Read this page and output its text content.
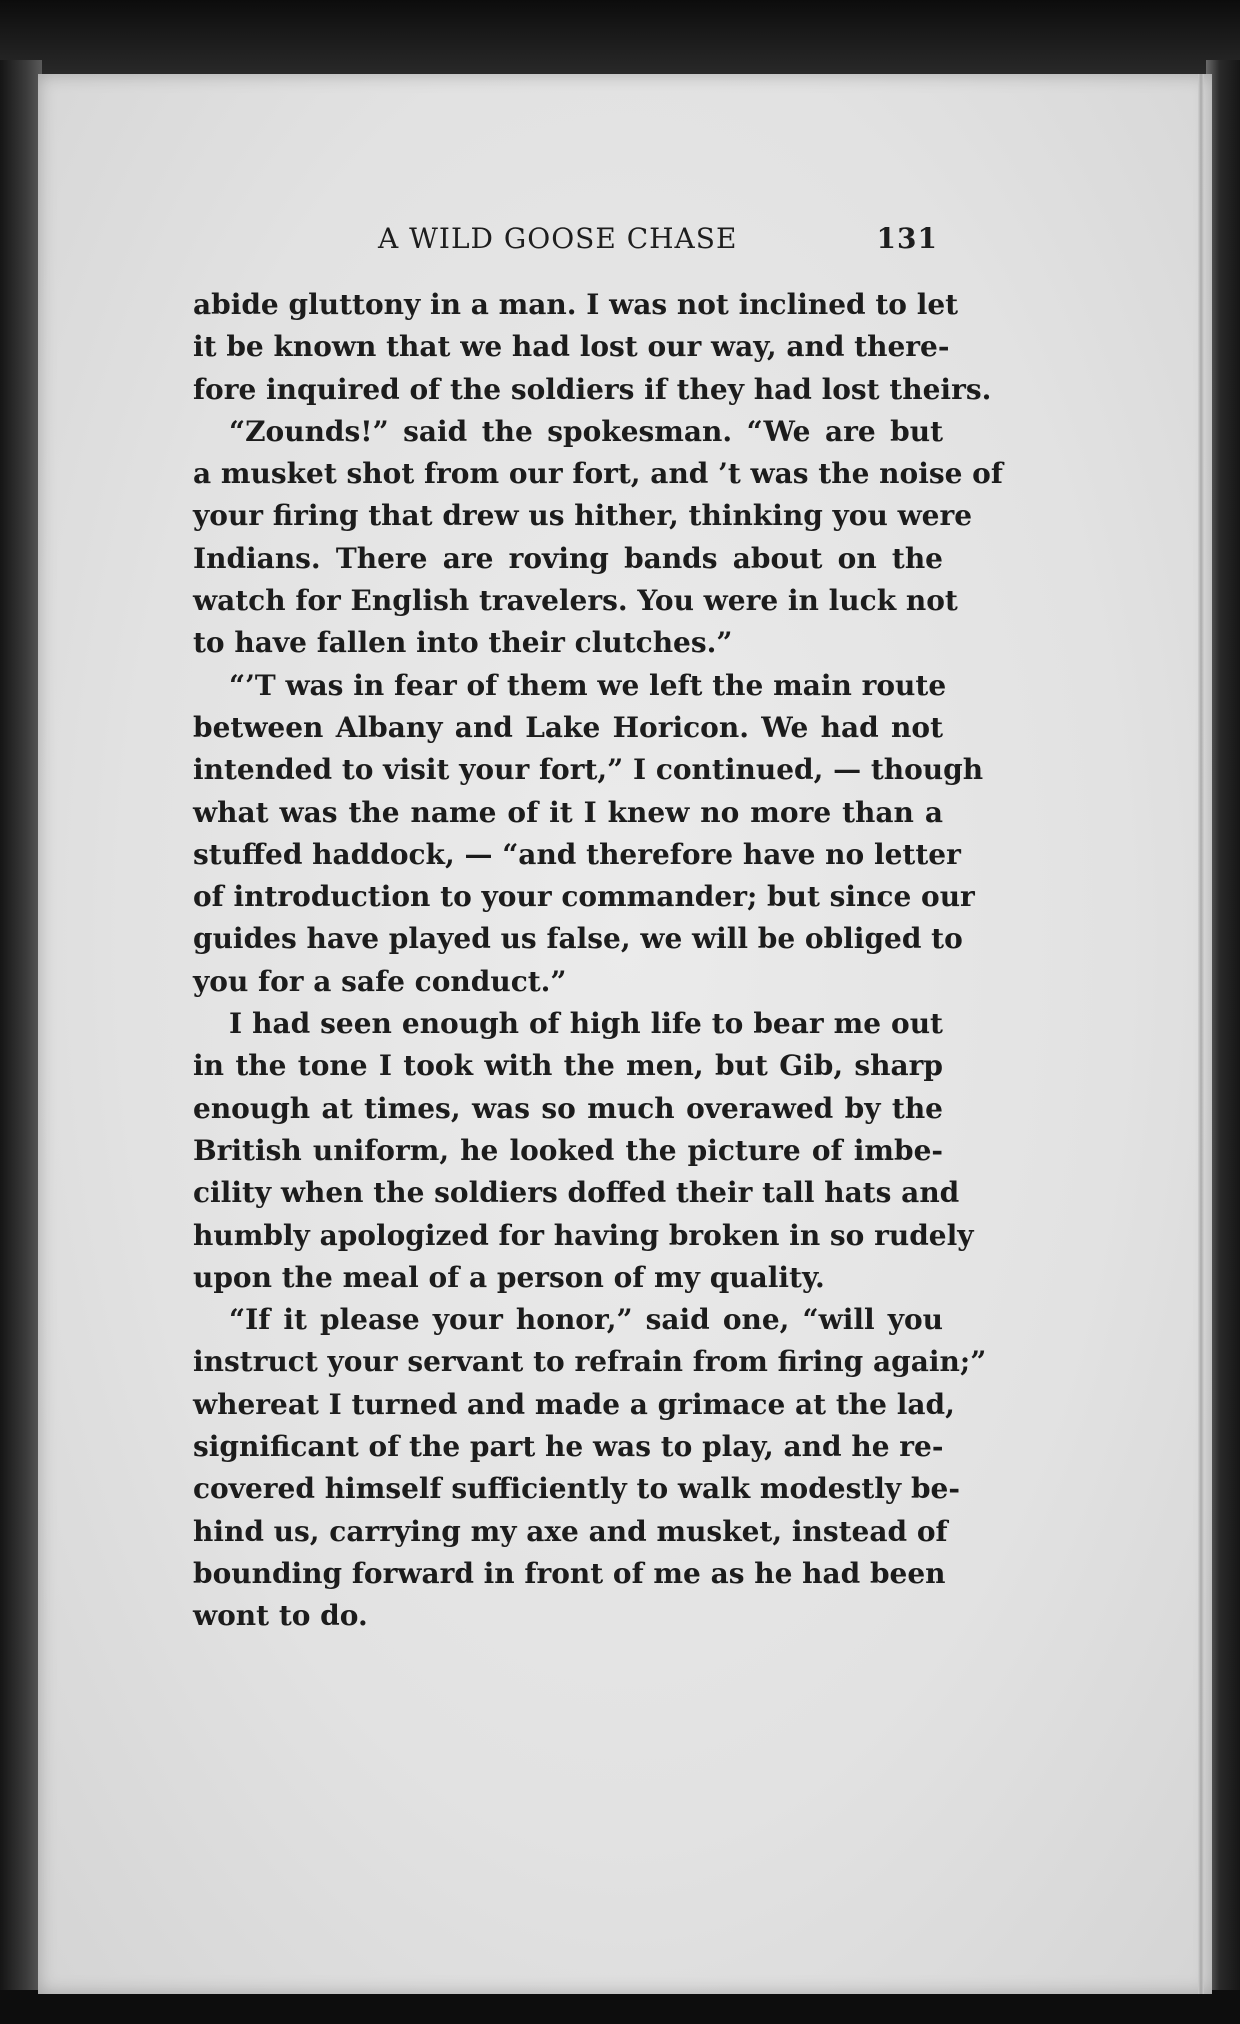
A WILD GOOSE CHASE	131
abide gluttony in a man. I was not inclined to let
it be known that we had lost our way, and there-
fore inquired of the soldiers if they had lost theirs.
“Zounds!” said the spokesman. “We are but
a musket shot from our fort, and ’t was the noise of
your firing that drew us hither, thinking you were
Indians. There are roving bands about on the
watch for English travelers. You were in luck not
to have fallen into their clutches.”
“’T was in fear of them we left the main route
between Albany and Lake Horicon. We had not
intended to visit your fort,” I continued, — though
what was the name of it I knew no more than a
stuffed haddock, — “and therefore have no letter
of introduction to your commander; but since our
guides have played us false, we will be obliged to
you for a safe conduct.”
I had seen enough of high life to bear me out
in the tone I took with the men, but Gib, sharp
enough at times, was so much overawed by the
British uniform, he looked the picture of imbe-
cility when the soldiers doffed their tall hats and
humbly apologized for having broken in so rudely
upon the meal of a person of my quality.
“If it please your honor,” said one, “will you
instruct your servant to refrain from firing again;”
whereat I turned and made a grimace at the lad,
significant of the part he was to play, and he re-
covered himself sufficiently to walk modestly be-
hind us, carrying my axe and musket, instead of
bounding forward in front of me as he had been
wont to do.
